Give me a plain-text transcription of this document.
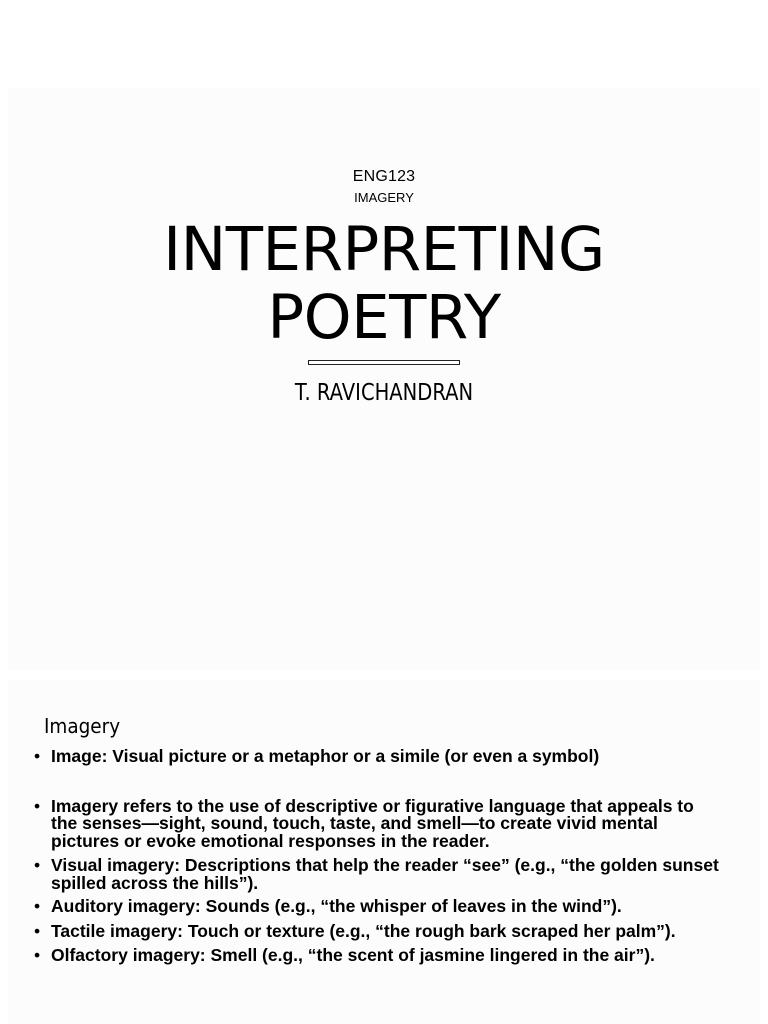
ENG123
IMAGERY
INTERPRETING
POETRY
T. RAVICHANDRAN
Imagery
• Image: Visual picture or a metaphor or a simile (or even a symbol)
• Imagery refers to the use of descriptive or figurative language that appeals to the senses—sight, sound, touch, taste, and smell—to create vivid mental pictures or evoke emotional responses in the reader.
• Visual imagery: Descriptions that help the reader “see” (e.g., “the golden sunset spilled across the hills”).
• Auditory imagery: Sounds (e.g., “the whisper of leaves in the wind”).
• Tactile imagery: Touch or texture (e.g., “the rough bark scraped her palm”).
• Olfactory imagery: Smell (e.g., “the scent of jasmine lingered in the air”).
